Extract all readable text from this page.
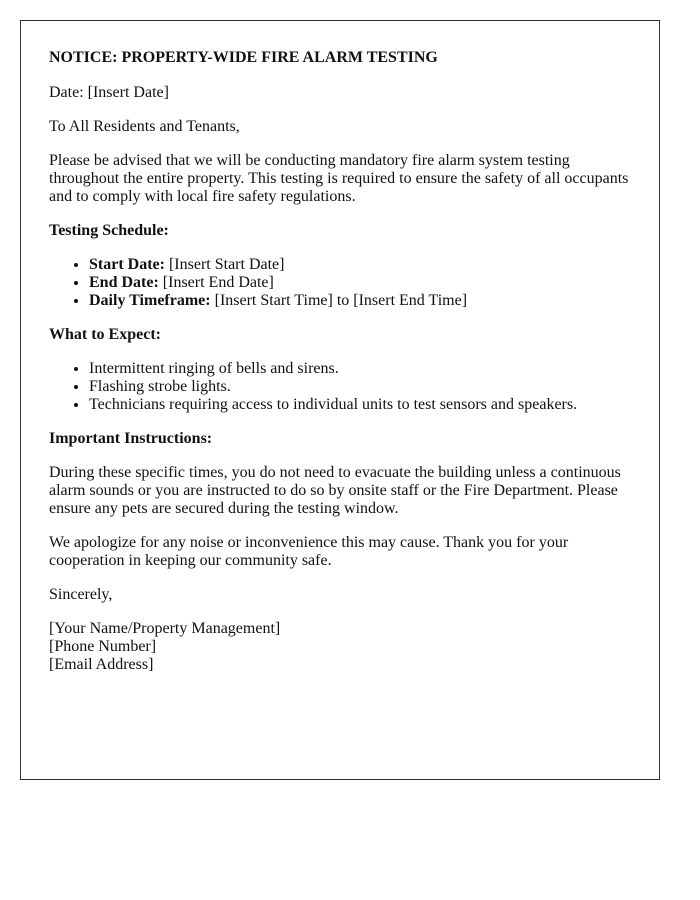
NOTICE: PROPERTY-WIDE FIRE ALARM TESTING

Date: [Insert Date]

To All Residents and Tenants,

Please be advised that we will be conducting mandatory fire alarm system testing throughout the entire property. This testing is required to ensure the safety of all occupants and to comply with local fire safety regulations.

Testing Schedule:
• Start Date: [Insert Start Date]
• End Date: [Insert End Date]
• Daily Timeframe: [Insert Start Time] to [Insert End Time]
What to Expect:
• Intermittent ringing of bells and sirens.
• Flashing strobe lights.
• Technicians requiring access to individual units to test sensors and speakers.
Important Instructions:

During these specific times, you do not need to evacuate the building unless a continuous alarm sounds or you are instructed to do so by onsite staff or the Fire Department. Please ensure any pets are secured during the testing window.

We apologize for any noise or inconvenience this may cause. Thank you for your cooperation in keeping our community safe.

Sincerely,

[Your Name/Property Management]
[Phone Number]
[Email Address]
